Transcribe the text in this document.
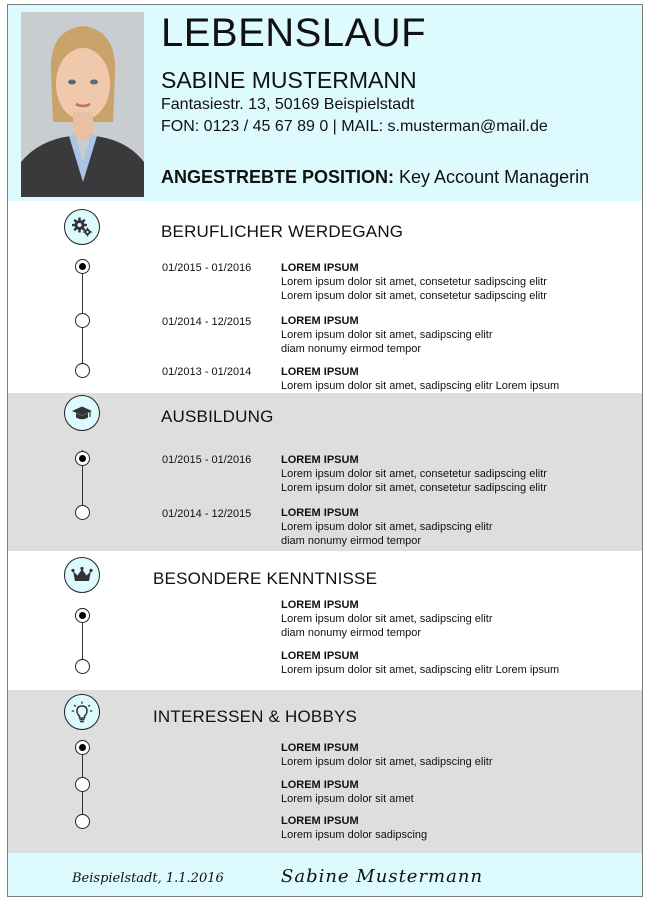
LEBENSLAUF
SABINE MUSTERMANN
Fantasiestr. 13, 50169 Beispielstadt
FON: 0123 / 45 67 89 0 | MAIL: s.musterman@mail.de
ANGESTREBTE POSITION: Key Account Managerin
BERUFLICHER WERDEGANG
01/2015 - 01/2016	LOREM IPSUM
Lorem ipsum dolor sit amet, consetetur sadipscing elitr
Lorem ipsum dolor sit amet, consetetur sadipscing elitr
01/2014 - 12/2015	LOREM IPSUM
Lorem ipsum dolor sit amet, sadipscing elitr
diam nonumy eirmod tempor
01/2013 - 01/2014	LOREM IPSUM
Lorem ipsum dolor sit amet, sadipscing elitr Lorem ipsum
AUSBILDUNG
01/2015 - 01/2016	LOREM IPSUM
Lorem ipsum dolor sit amet, consetetur sadipscing elitr
Lorem ipsum dolor sit amet, consetetur sadipscing elitr
01/2014 - 12/2015	LOREM IPSUM
Lorem ipsum dolor sit amet, sadipscing elitr
diam nonumy eirmod tempor
BESONDERE KENNTNISSE
LOREM IPSUM
Lorem ipsum dolor sit amet, sadipscing elitr
diam nonumy eirmod tempor
LOREM IPSUM
Lorem ipsum dolor sit amet, sadipscing elitr Lorem ipsum
INTERESSEN & HOBBYS
LOREM IPSUM
Lorem ipsum dolor sit amet, sadipscing elitr
LOREM IPSUM
Lorem ipsum dolor sit amet
LOREM IPSUM
Lorem ipsum dolor sadipscing
Beispielstadt, 1.1.2016	Sabine Mustermann
